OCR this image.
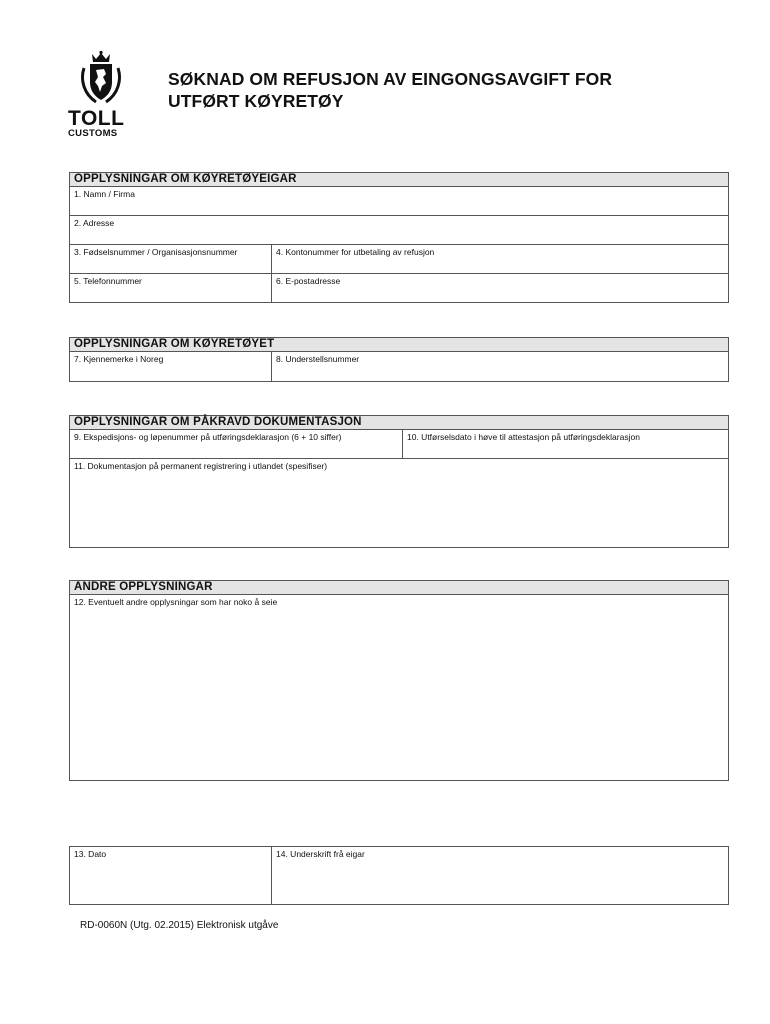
TOLL
CUSTOMS
SØKNAD OM REFUSJON AV EINGONGSAVGIFT FOR
UTFØRT KØYRETØY
OPPLYSNINGAR OM KØYRETØYEIGAR
1. Namn / Firma
2. Adresse
3. Fødselsnummer / Organisasjonsnummer	4. Kontonummer for utbetaling av refusjon
5. Telefonnummer	6. E-postadresse
OPPLYSNINGAR OM KØYRETØYET
7. Kjennemerke i Noreg	8. Understellsnummer
OPPLYSNINGAR OM PÅKRAVD DOKUMENTASJON
9. Ekspedisjons- og løpenummer på utføringsdeklarasjon (6 + 10 siffer)	10. Utførselsdato i høve til attestasjon på utføringsdeklarasjon
11. Dokumentasjon på permanent registrering i utlandet (spesifiser)
ANDRE OPPLYSNINGAR
12. Eventuelt andre opplysningar som har noko å seie
13. Dato	14. Underskrift frå eigar
RD-0060N (Utg. 02.2015) Elektronisk utgåve
